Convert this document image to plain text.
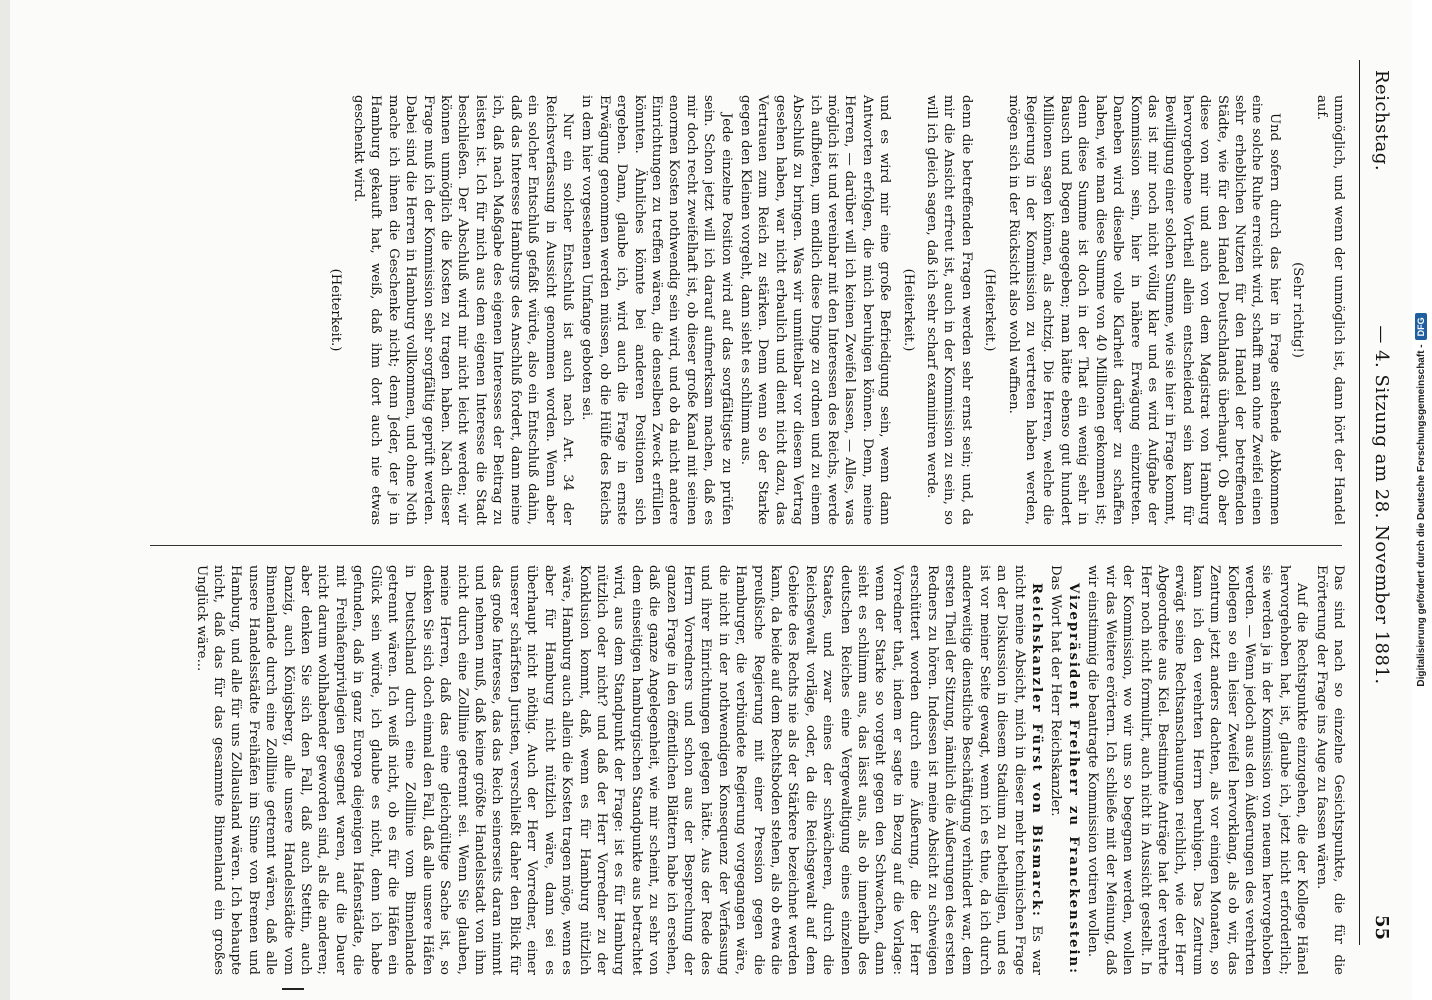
Reichstag.
— 4. Sitzung am 28. November 1881.
55

unmöglich, und wenn der unmöglich ist, dann hört der Handel auf.

(Sehr richtig!)

Und sofern durch das hier in Frage stehende Abkommen eine solche Ruhe erreicht wird, schafft man ohne Zweifel einen sehr erheblichen Nutzen für den Handel der betreffenden Städte, wie für den Handel Deutschlands überhaupt. Ob aber diese von mir und auch von dem Magistrat von Hamburg hervorgehobene Vortheil allein entscheidend sein kann für Bewilligung einer solchen Summe, wie sie hier in Frage kommt, das ist mir noch nicht völlig klar und es wird Aufgabe der Kommission sein, hier in nähere Erwägung einzutreten. Daneben wird dieselbe volle Klarheit darüber zu schaffen haben, wie man diese Summe von 40 Millionen gekommen ist; denn diese Summe ist doch in der That ein wenig sehr in Bausch und Bogen angegeben; man hätte ebenso gut hundert Millionen sagen können, als achtzig. Die Herren, welche die Regierung in der Kommission zu vertreten haben werden, mögen sich in der Rücksicht also wohl waffnen.

(Heiterkeit.)

denn die betreffenden Fragen werden sehr ernst sein; und, da mir die Ansicht erfreut ist, auch in der Kommission zu sein, so will ich gleich sagen, daß ich sehr scharf examiniren werde.

(Heiterkeit.)

und es wird mir eine große Befriedigung sein, wenn dann Antworten erfolgen, die mich beruhigen können. Denn, meine Herren, — darüber will ich keinen Zweifel lassen, — Alles, was möglich ist und vereinbar mit den Interessen des Reichs, werde ich aufbieten, um endlich diese Dinge zu ordnen und zu einem Abschluß zu bringen. Was wir unmittelbar vor diesem Vertrag gesehen haben, war nicht erbaulich und dient nicht dazu, das Vertrauen zum Reich zu stärken. Denn wenn so der Starke gegen den Kleinen vorgeht, dann sieht es schlimm aus.

Jede einzelne Position wird auf das sorgfältigste zu prüfen sein. Schon jetzt will ich darauf aufmerksam machen, daß es mir doch recht zweifelhaft ist, ob dieser große Kanal mit seinen enormen Kosten nothwendig sein wird, und ob da nicht andere Einrichtungen zu treffen wären, die denselben Zweck erfüllen könnten. Ähnliches könnte bei anderen Positionen sich ergeben. Dann, glaube ich, wird auch die Frage in ernste Erwägung genommen werden müssen, ob die Hülfe des Reichs in dem hier vorgesehenen Umfange geboten sei.

Nur ein solcher Entschluß ist auch nach Art. 34 der Reichsverfassung in Aussicht genommen worden. Wenn aber ein solcher Entschluß gefaßt würde, also ein Entschluß dahin, daß das Interesse Hamburgs des Anschluß fordert, dann meine ich, daß nach Maßgabe des eigenen Interesses der Beitrag zu leisten ist. Ich für mich aus dem eigenen Interesse die Stadt beschließen. Der Abschluß wird mir nicht leicht werden; wir können unmöglich die Kosten zu tragen haben. Nach dieser Frage muß ich der Kommission sehr sorgfältig geprüft werden. Dabei sind die Herren in Hamburg vollkommen, und ohne Noth mache ich ihnen die Geschenke nicht; denn Jeder, der je in Hamburg gekauft hat, weiß, daß ihm dort auch nie etwas geschenkt wird.

(Heiterkeit.)

Das sind nach so einzelne Gesichtspunkte, die für die Erörterung der Frage ins Auge zu fassen wären.

Auf die Rechtspunkte einzugehen, die der Kollege Hänel hervorgehoben hat, ist, glaube ich, jetzt nicht erforderlich; sie werden ja in der Kommission von neuem hervorgehoben werden. — Wenn jedoch aus den Äußerungen des verehrten Kollegen so ein leiser Zweifel hervorklang, als ob wir, das Zentrum jetzt anders dachten, als vor einigen Monaten, so kann ich den verehrten Herrn beruhigen. Das Zentrum erwägt seine Rechtsanschauungen reichlich, wie der Herr Abgeordnete aus Kiel. Bestimmte Anträge hat der verehrte Herr noch nicht formulirt, auch nicht in Aussicht gestellt. In der Kommission, wo wir uns so begegnen werden, wollen wir das Weitere erörtern. Ich schließe mit der Meinung, daß wir einstimmig die beantragte Kommission votiren wollen.

Vizepräsident Freiherr zu Franckenstein: Das Wort hat der Herr Reichskanzler.

Reichskanzler Fürst von Bismarck: Es war nicht meine Absicht, mich in dieser mehr technischen Frage an der Diskussion in diesem Stadium zu betheiligen, und es ist vor meiner Seite gewagt, wenn ich es thue, da ich durch anderweitige dienstliche Beschäftigung verhindert war, dem ersten Theil der Sitzung, nämlich die Äußerungen des ersten Redners zu hören. Indessen ist meine Absicht zu schweigen erschüttert worden durch eine Äußerung, die der Herr Vorredner that, indem er sagte in Bezug auf die Vorlage: wenn der Starke so vorgeht gegen den Schwachen, dann sieht es schlimm aus, das lässt aus, als ob innerhalb des deutschen Reiches eine Vergewaltigung eines einzelnen Staates, und zwar eines der schwächeren, durch die Reichsgewalt vorläge, oder, da die Reichsgewalt auf dem Gebiete des Rechts nie als der Stärkere bezeichnet werden kann, da beide auf dem Rechtsboden stehen, als ob etwa die preußische Regierung mit einer Pression gegen die Hamburger, die verbündete Regierung vorgegangen wäre, die nicht in der nothwendigen Konsequenz der Verfassung und ihrer Einrichtungen gelegen hätte. Aus der Rede des Herrn Vorredners und schon aus der Besprechung der ganzen Frage in den öffentlichen Blättern habe ich ersehen, daß die ganze Angelegenheit, wie mir scheint, zu sehr von dem einseitigen hamburgischen Standpunkte aus betrachtet wird, aus dem Standpunkt der Frage: ist es für Hamburg nützlich oder nicht? und daß der Herr Vorredner zu der Konklusion kommt, daß, wenn es für Hamburg nützlich wäre, Hamburg auch allein die Kosten tragen möge, wenn es aber für Hamburg nicht nützlich wäre, dann sei es überhaupt nicht nöthig. Auch der Herr Vorredner, einer unserer schärfsten Juristen, verschließt daher den Blick für das große Interesse, das das Reich seinerseits daran nimmt und nehmen muß, daß keine größte Handelsstadt von ihm nicht durch eine Zolllinie getrennt sei. Wenn Sie glauben, meine Herren, daß das eine gleichgültige Sache ist, so denken Sie sich doch einmal den Fall, daß alle unsere Häfen in Deutschland durch eine Zolllinie vom Binnenlande getrennt wären. Ich weiß nicht, ob es für die Häfen ein Glück sein würde, ich glaube es nicht, denn ich habe gefunden, daß in ganz Europa diejenigen Hafenstädte, die mit Freihafenprivilegien gesegnet waren, auf die Dauer nicht darum wohlhabender geworden sind, als die anderen; aber denken Sie sich den Fall, daß auch Stettin, auch Danzig, auch Königsberg, alle unsere Handelsstädte vom Binnenlande durch eine Zolllinie getrennt wären, daß alle unsere Handelsstädte Freihäfen im Sinne von Bremen und Hamburg, und alle für uns Zollausland wären. Ich behaupte nicht, daß das für das gesammte Binnenland ein großes Unglück wäre...	Digitalisierung gefördert durch die Deutsche Forschungsgemeinschaft -DFG
